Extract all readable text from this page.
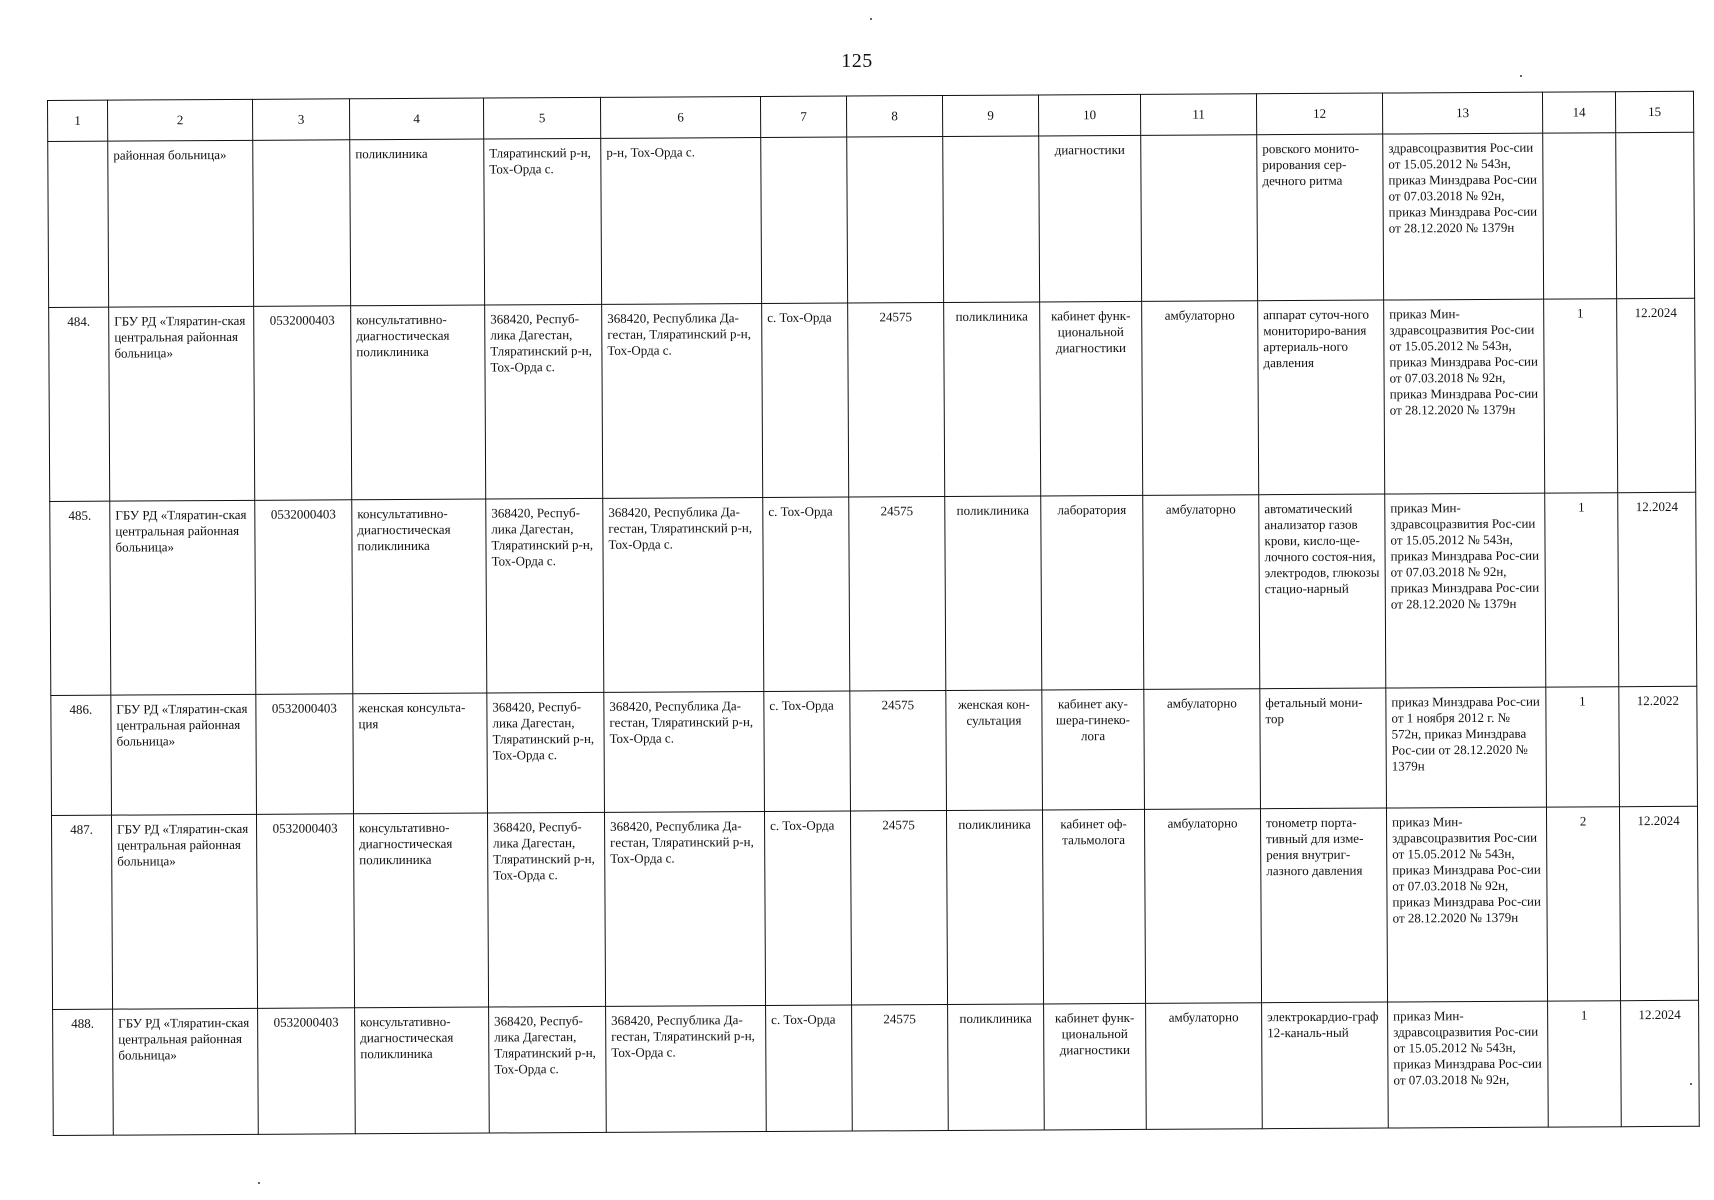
125
1	2	3	4	5	6	7	8	9	10	11	12	13	14	15
	районная больница»		поликлиника	Тляратинский р-н, Тох-Орда с.	р-н, Тох-Орда с.				диагностики		ровского монито-рирования сер-дечного ритма	здравсоцразвития Рос-сии от 15.05.2012 № 543н, приказ Минздрава Рос-сии от 07.03.2018 № 92н, приказ Минздрава Рос-сии от 28.12.2020 № 1379н		
484.	ГБУ РД «Тляратин-ская центральная районная больница»	0532000403	консультативно-диагностическая поликлиника	368420, Респуб-лика Дагестан, Тляратинский р-н, Тох-Орда с.	368420, Республика Да-гестан, Тляратинский р-н, Тох-Орда с.	с. Тох-Орда	24575	поликлиника	кабинет функ-циональной диагностики	амбулаторно	аппарат суточ-ного мониториро-вания артериаль-ного давления	приказ Мин-здравсоцразвития Рос-сии от 15.05.2012 № 543н, приказ Минздрава Рос-сии от 07.03.2018 № 92н, приказ Минздрава Рос-сии от 28.12.2020 № 1379н	1	12.2024
485.	ГБУ РД «Тляратин-ская центральная районная больница»	0532000403	консультативно-диагностическая поликлиника	368420, Респуб-лика Дагестан, Тляратинский р-н, Тох-Орда с.	368420, Республика Да-гестан, Тляратинский р-н, Тох-Орда с.	с. Тох-Орда	24575	поликлиника	лаборатория	амбулаторно	автоматический анализатор газов крови, кисло-ще-лочного состоя-ния, электродов, глюкозы стацио-нарный	приказ Мин-здравсоцразвития Рос-сии от 15.05.2012 № 543н, приказ Минздрава Рос-сии от 07.03.2018 № 92н, приказ Минздрава Рос-сии от 28.12.2020 № 1379н	1	12.2024
486.	ГБУ РД «Тляратин-ская центральная районная больница»	0532000403	женская консульта-ция	368420, Респуб-лика Дагестан, Тляратинский р-н, Тох-Орда с.	368420, Республика Да-гестан, Тляратинский р-н, Тох-Орда с.	с. Тох-Орда	24575	женская кон-сультация	кабинет аку-шера-гинеко-лога	амбулаторно	фетальный мони-тор	приказ Минздрава Рос-сии от 1 ноября 2012 г. № 572н, приказ Минздрава Рос-сии от 28.12.2020 № 1379н	1	12.2022
487.	ГБУ РД «Тляратин-ская центральная районная больница»	0532000403	консультативно-диагностическая поликлиника	368420, Респуб-лика Дагестан, Тляратинский р-н, Тох-Орда с.	368420, Республика Да-гестан, Тляратинский р-н, Тох-Орда с.	с. Тох-Орда	24575	поликлиника	кабинет оф-тальмолога	амбулаторно	тонометр порта-тивный для изме-рения внутриг-лазного давления	приказ Мин-здравсоцразвития Рос-сии от 15.05.2012 № 543н, приказ Минздрава Рос-сии от 07.03.2018 № 92н, приказ Минздрава Рос-сии от 28.12.2020 № 1379н	2	12.2024
488.	ГБУ РД «Тляратин-ская центральная районная больница»	0532000403	консультативно-диагностическая поликлиника	368420, Респуб-лика Дагестан, Тляратинский р-н, Тох-Орда с.	368420, Республика Да-гестан, Тляратинский р-н, Тох-Орда с.	с. Тох-Орда	24575	поликлиника	кабинет функ-циональной диагностики	амбулаторно	электрокардио-граф 12-каналь-ный	приказ Мин-здравсоцразвития Рос-сии от 15.05.2012 № 543н, приказ Минздрава Рос-сии от 07.03.2018 № 92н,	1	12.2024
